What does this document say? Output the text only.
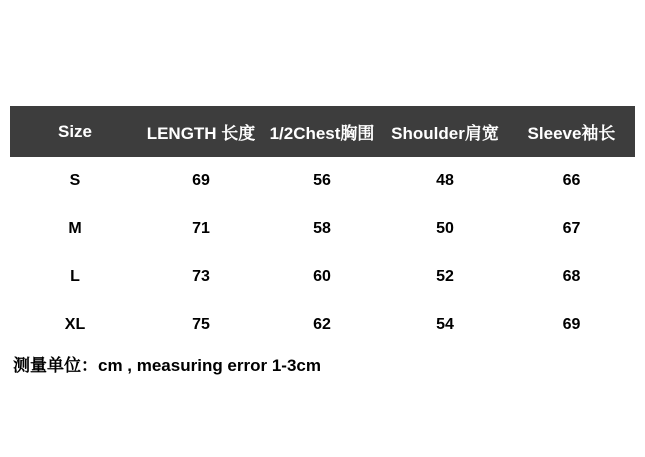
Size	LENGTH 长度	1/2Chest胸围	Shoulder肩宽	Sleeve袖长
S	69	56	48	66
M	71	58	50	67
L	73	60	52	68
XL	75	62	54	69
测量单位：cm , measuring error 1-3cm
